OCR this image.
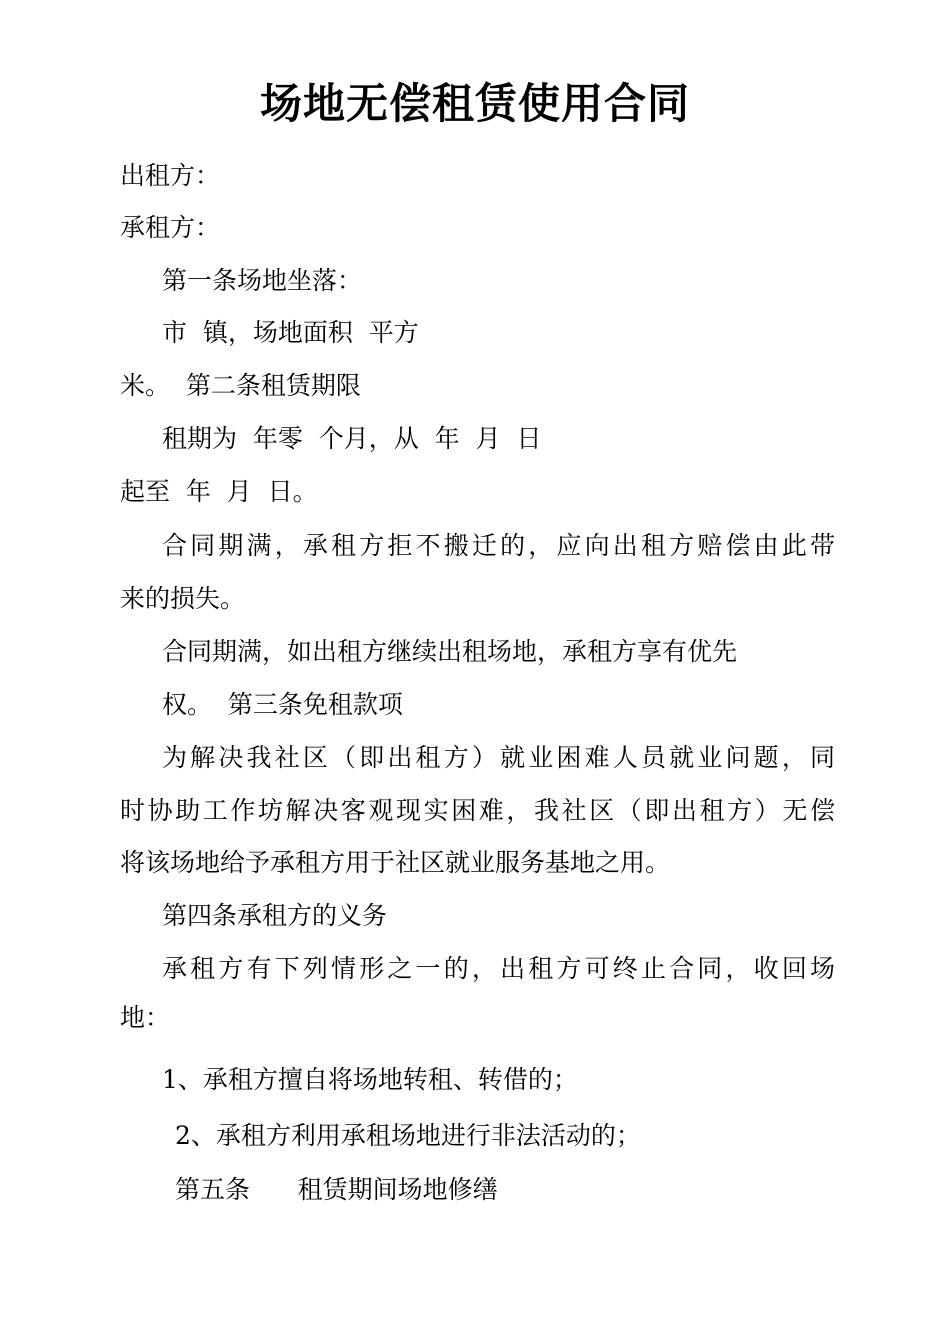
场地无偿租赁使用合同

出租方：

承租方：

第一条场地坐落：

市  镇，场地面积  平方

米。  第二条租赁期限

租期为  年零  个月，从  年  月  日

起至  年  月  日。

合同期满，承租方拒不搬迁的，应向出租方赔偿由此带

来的损失。

合同期满，如出租方继续出租场地，承租方享有优先

权。  第三条免租款项

为解决我社区（即出租方）就业困难人员就业问题，同

时协助工作坊解决客观现实困难，我社区（即出租方）无偿

将该场地给予承租方用于社区就业服务基地之用。

第四条承租方的义务

承租方有下列情形之一的，出租方可终止合同，收回场

地：

1、承租方擅自将场地转租、转借的；

2、承租方利用承租场地进行非法活动的；

第五条      租赁期间场地修缮
